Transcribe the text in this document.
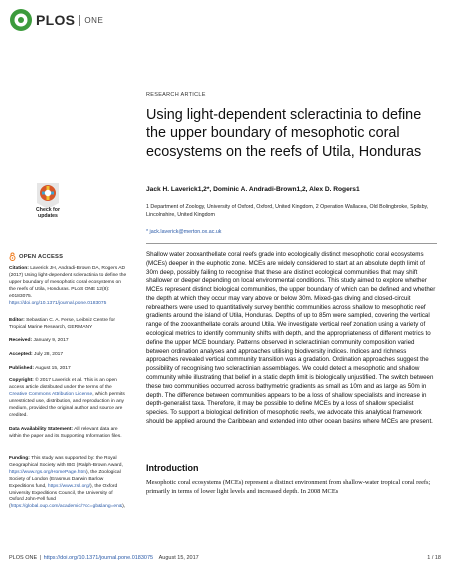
PLOS ONE
RESEARCH ARTICLE
Using light-dependent scleractinia to define the upper boundary of mesophotic coral ecosystems on the reefs of Utila, Honduras
Jack H. Laverick1,2*, Dominic A. Andradi-Brown1,2, Alex D. Rogers1
1 Department of Zoology, University of Oxford, Oxford, United Kingdom, 2 Operation Wallacea, Old Bolingbroke, Spilsby, Lincolnshire, United Kingdom
* jack.laverick@merton.ox.ac.uk
Check for
updates
OPEN ACCESS
Citation: Laverick JH, Andradi-Brown DA, Rogers AD (2017) Using light-dependent scleractinia to define the upper boundary of mesophotic coral ecosystems on the reefs of Utila, Honduras. PLoS ONE 12(8): e0183075. https://doi.org/10.1371/journal.pone.0183075
Editor: Sebastian C. A. Ferse, Leibniz Centre for Tropical Marine Research, GERMANY
Received: January 9, 2017
Accepted: July 28, 2017
Published: August 15, 2017
Copyright: © 2017 Laverick et al. This is an open access article distributed under the terms of the Creative Commons Attribution License, which permits unrestricted use, distribution, and reproduction in any medium, provided the original author and source are credited.
Data Availability Statement: All relevant data are within the paper and its Supporting Information files.
Funding: This study was supported by: the Royal Geographical Society with IBG (Ralph-Brown Award, https://www.rgs.org/HomePage.htm), the Zoological Society of London (Erasmus Darwin Barlow Expeditions fund, https://www.zsl.org/), the Oxford University Expeditions Council, the University of Oxford John-Fell fund (https://global.oup.com/academic/?cc=gb&lang=en&),

Shallow water zooxanthellate coral reefs grade into ecologically distinct mesophotic coral ecosystems (MCEs) deeper in the euphotic zone. MCEs are widely considered to start at an absolute depth limit of 30m deep, possibly failing to recognise that these are distinct ecological communities that may shift shallower or deeper depending on local environmental conditions. This study aimed to explore whether MCEs represent distinct biological communities, the upper boundary of which can be defined and whether the depth at which they occur may vary above or below 30m. Mixed-gas diving and closed-circuit rebreathers were used to quantitatively survey benthic communities across shallow to mesophotic reef gradients around the island of Utila, Honduras. Depths of up to 85m were sampled, covering the vertical range of the zooxanthellate corals around Utila. We investigate vertical reef zonation using a variety of ecological metrics to identify community shifts with depth, and the appropriateness of different metrics to define the upper MCE boundary. Patterns observed in scleractinian community composition varied between ordination analyses and approaches utilising biodiversity indices. Indices and richness approaches revealed vertical community transition was a gradation. Ordination approaches suggest the possibility of recognising two scleractinian assemblages. We could detect a mesophotic and shallow community while illustrating that belief in a static depth limit is biologically unjustified. The switch between these two communities occurred across bathymetric gradients as small as 10m and as large as 50m in depth. The difference between communities appears to be a loss of shallow specialists and increase in depth-generalist taxa. Therefore, it may be possible to define MCEs by a loss of shallow specialist species. To support a biological definition of mesophotic reefs, we advocate this analytical framework should be applied around the Caribbean and extended into other ocean basins where MCEs are present.

Introduction

Mesophotic coral ecosystems (MCEs) represent a distinct environment from shallow-water tropical coral reefs; primarily in terms of lower light levels and increased depth. In 2008 MCEs

PLOS ONE | https://doi.org/10.1371/journal.pone.0183075 August 15, 2017	1 / 18
